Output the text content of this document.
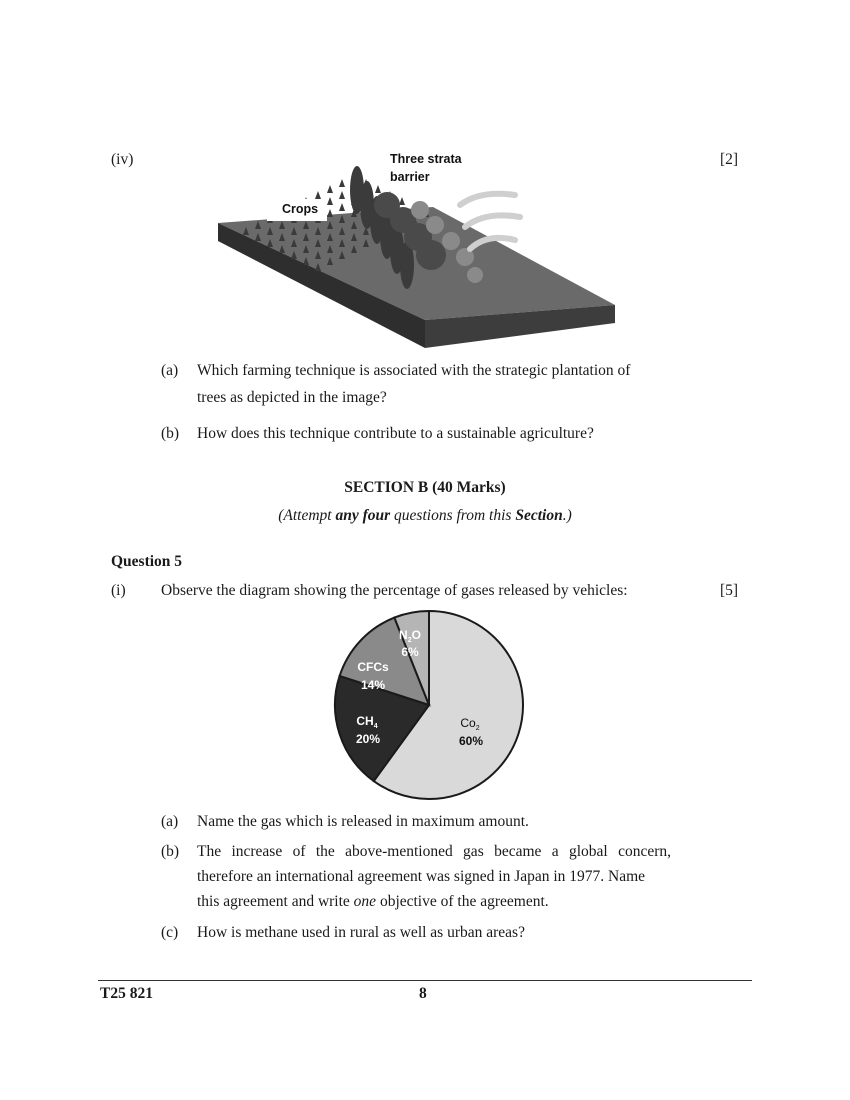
(iv)	[2]
Three strata
barrier
Crops
(a) Which farming technique is associated with the strategic plantation of
trees as depicted in the image?
(b) How does this technique contribute to a sustainable agriculture?
SECTION B (40 Marks)
(Attempt any four questions from this Section.)
Question 5
(i) Observe the diagram showing the percentage of gases released by vehicles:	[5]
$Co_2$
60%
$CH_4$
20%
CFCs
14%
$N_2O$
6%
(a) Name the gas which is released in maximum amount.
(b) The increase of the above-mentioned gas became a global concern,
therefore an international agreement was signed in Japan in 1977. Name
this agreement and write one objective of the agreement.
(c) How is methane used in rural as well as urban areas?
T25 821	8
